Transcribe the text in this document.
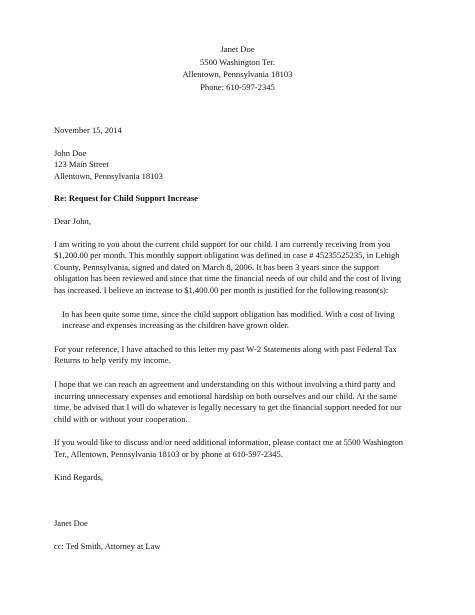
Janet Doe
5500 Washington Ter.
Allentown, Pennsylvania 18103
Phone: 610-597-2345
November 15, 2014
John Doe
123 Main Street
Allentown, Pennsylvania 18103
Re: Request for Child Support Increase
Dear John,
I am writing to you about the current child support for our child. I am currently receiving from you
$1,200.00 per month. This monthly support obligation was defined in case # 45235525235, in Lehigh
County, Pennsylvania, signed and dated on March 8, 2006. It has been 3 years since the support
obligation has been reviewed and since that time the financial needs of our child and the cost of living
has increased. I believe an increase to $1,400.00 per month is justified for the following reason(s):
In has been quite some time, since the child support obligation has modified. With a cost of living
increase and expenses increasing as the children have grown older.
For your reference, I have attached to this letter my past W-2 Statements along with past Federal Tax
Returns to help verify my income.
I hope that we can reach an agreement and understanding on this without involving a third party and
incurring unnecessary expenses and emotional hardship on both ourselves and our child. At the same
time, be advised that I will do whatever is legally necessary to get the financial support needed for our
child with or without your cooperation.
If you would like to discuss and/or need additional information, please contact me at 5500 Washington
Ter., Allentown, Pennsylvania 18103 or by phone at 610-597-2345.
Kind Regards,
Janet Doe
cc: Ted Smith, Attorney at Law
